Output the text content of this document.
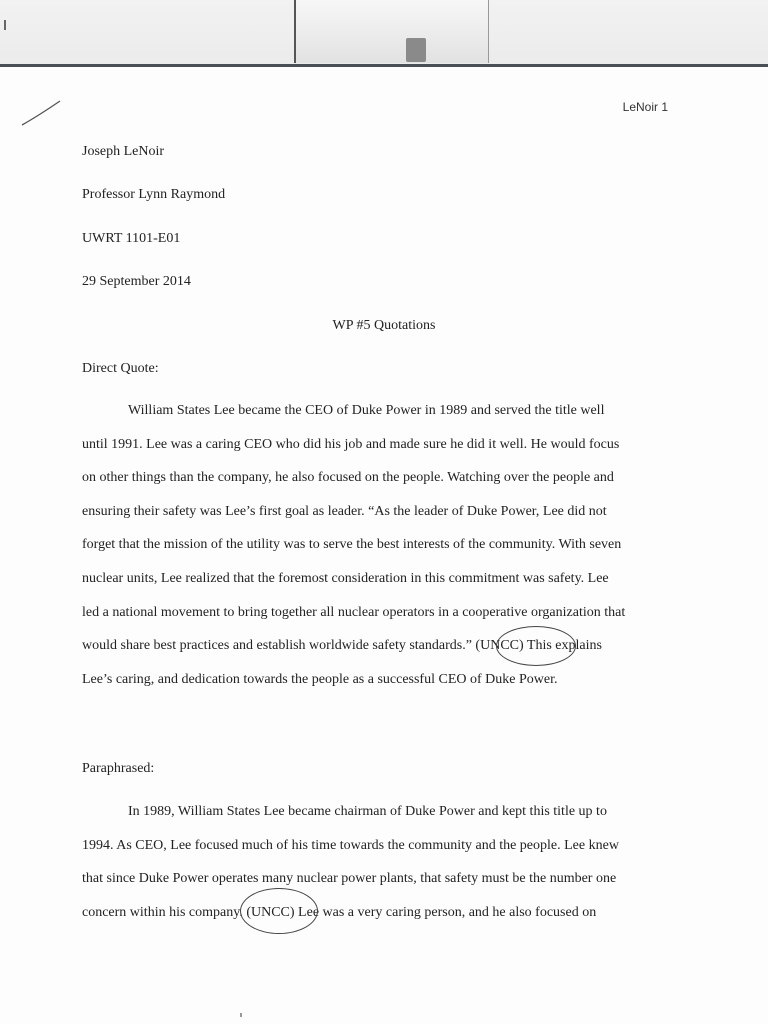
LeNoir 1
Joseph LeNoir
Professor Lynn Raymond
UWRT 1101-E01
29 September 2014
WP #5 Quotations
Direct Quote:
William States Lee became the CEO of Duke Power in 1989 and served the title well
until 1991. Lee was a caring CEO who did his job and made sure he did it well. He would focus
on other things than the company, he also focused on the people. Watching over the people and
ensuring their safety was Lee’s first goal as leader. “As the leader of Duke Power, Lee did not
forget that the mission of the utility was to serve the best interests of the community. With seven
nuclear units, Lee realized that the foremost consideration in this commitment was safety. Lee
led a national movement to bring together all nuclear operators in a cooperative organization that
would share best practices and establish worldwide safety standards.” (UNCC) This explains
Lee’s caring, and dedication towards the people as a successful CEO of Duke Power.
Paraphrased:
In 1989, William States Lee became chairman of Duke Power and kept this title up to
1994. As CEO, Lee focused much of his time towards the community and the people. Lee knew
that since Duke Power operates many nuclear power plants, that safety must be the number one
concern within his company. (UNCC) Lee was a very caring person, and he also focused on
